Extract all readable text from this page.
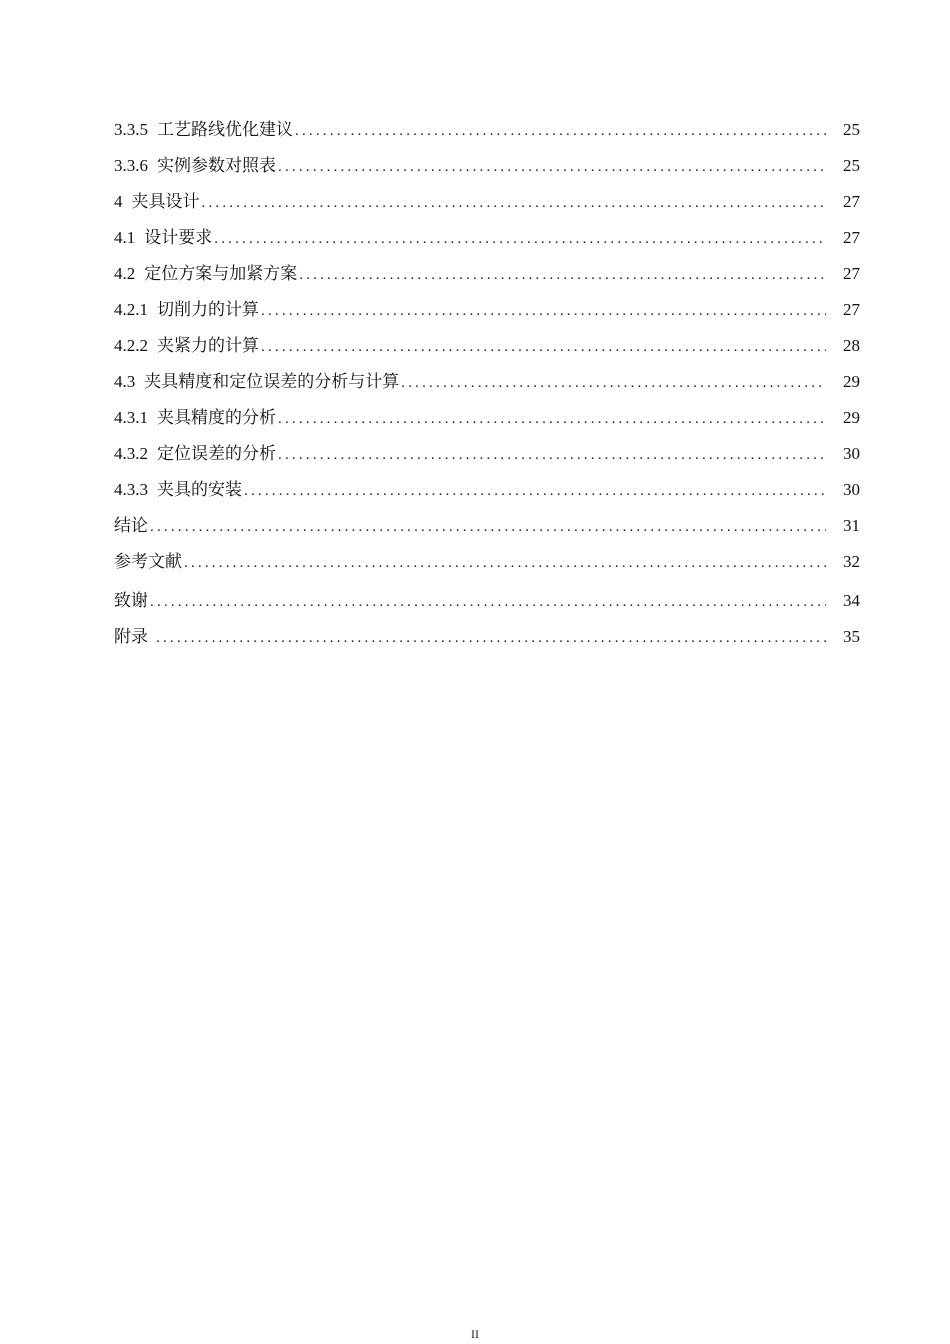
3.3.5 工艺路线优化建议 .....	25
3.3.6 实例参数对照表 .....	25
4 夹具设计 .....	27
4.1 设计要求 .....	27
4.2 定位方案与加紧方案 .....	27
4.2.1 切削力的计算 .....	27
4.2.2 夹紧力的计算 .....	28
4.3 夹具精度和定位误差的分析与计算 .....	29
4.3.1 夹具精度的分析 .....	29
4.3.2 定位误差的分析 .....	30
4.3.3 夹具的安装 .....	30
结论 .....	31
参考文献 .....	32
致谢 .....	34
附录 .....	35
II
